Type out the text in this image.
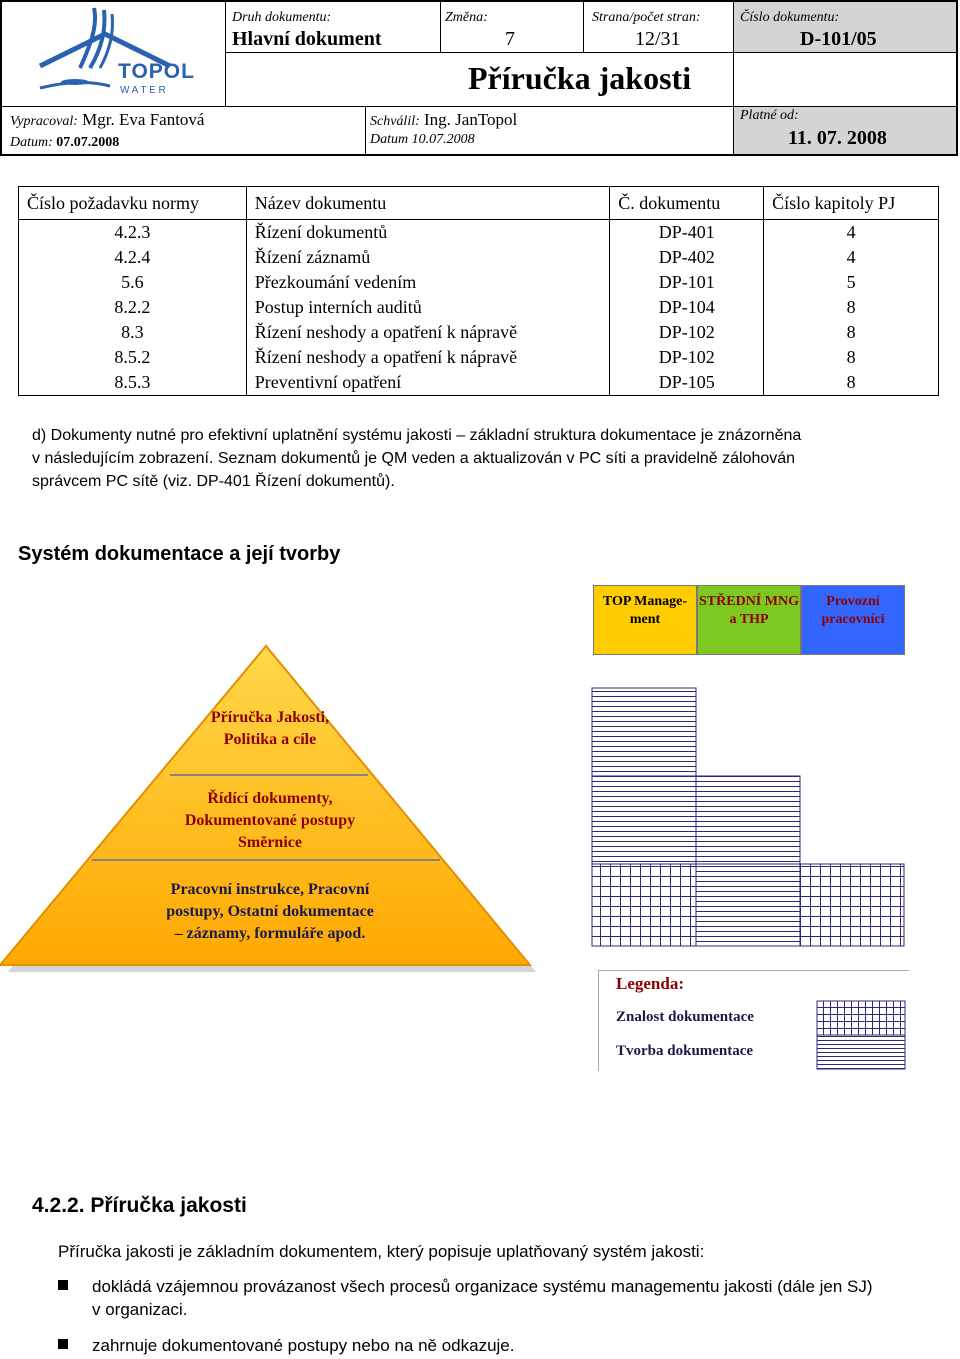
TOPOL
W A T E R
Druh dokumentu:
Hlavní dokument
Změna:
7
Strana/počet stran:
12/31
Číslo dokumentu:
D-101/05
Příručka jakosti
Vypracoval: Mgr. Eva Fantová
Datum: 07.07.2008
Schválil: Ing. JanTopol
Datum 10.07.2008
Platné od:
11. 07. 2008
Číslo požadavku normy	Název dokumentu	Č. dokumentu	Číslo kapitoly PJ
4.2.3	Řízení dokumentů	DP-401	4
4.2.4	Řízení záznamů	DP-402	4
5.6	Přezkoumání vedením	DP-101	5
8.2.2	Postup interních auditů	DP-104	8
8.3	Řízení neshody a opatření k nápravě	DP-102	8
8.5.2	Řízení neshody a opatření k nápravě	DP-102	8
8.5.3	Preventivní opatření	DP-105	8
d) Dokumenty nutné pro efektivní uplatnění systému jakosti – základní struktura dokumentace je znázorněna
v následujícím zobrazení. Seznam dokumentů je QM veden a aktualizován v PC síti a pravidelně zálohován
správcem PC sítě (viz. DP-401 Řízení dokumentů).
Systém dokumentace a její tvorby
TOP Manage- ment
STŘEDNÍ MNG a THP
Provozní pracovníci
Příručka Jakosti, Politika a cíle
Řídící dokumenty,
Dokumentované postupy
Směrnice
Pracovní instrukce, Pracovní
postupy, Ostatní dokumentace
– záznamy, formuláře apod.
Legenda:
Znalost dokumentace
Tvorba dokumentace
4.2.2. Příručka jakosti
Příručka jakosti je základním dokumentem, který popisuje uplatňovaný systém jakosti:
dokládá vzájemnou provázanost všech procesů organizace systému managementu jakosti (dále jen SJ)
v organizaci.
zahrnuje dokumentované postupy nebo na ně odkazuje.
